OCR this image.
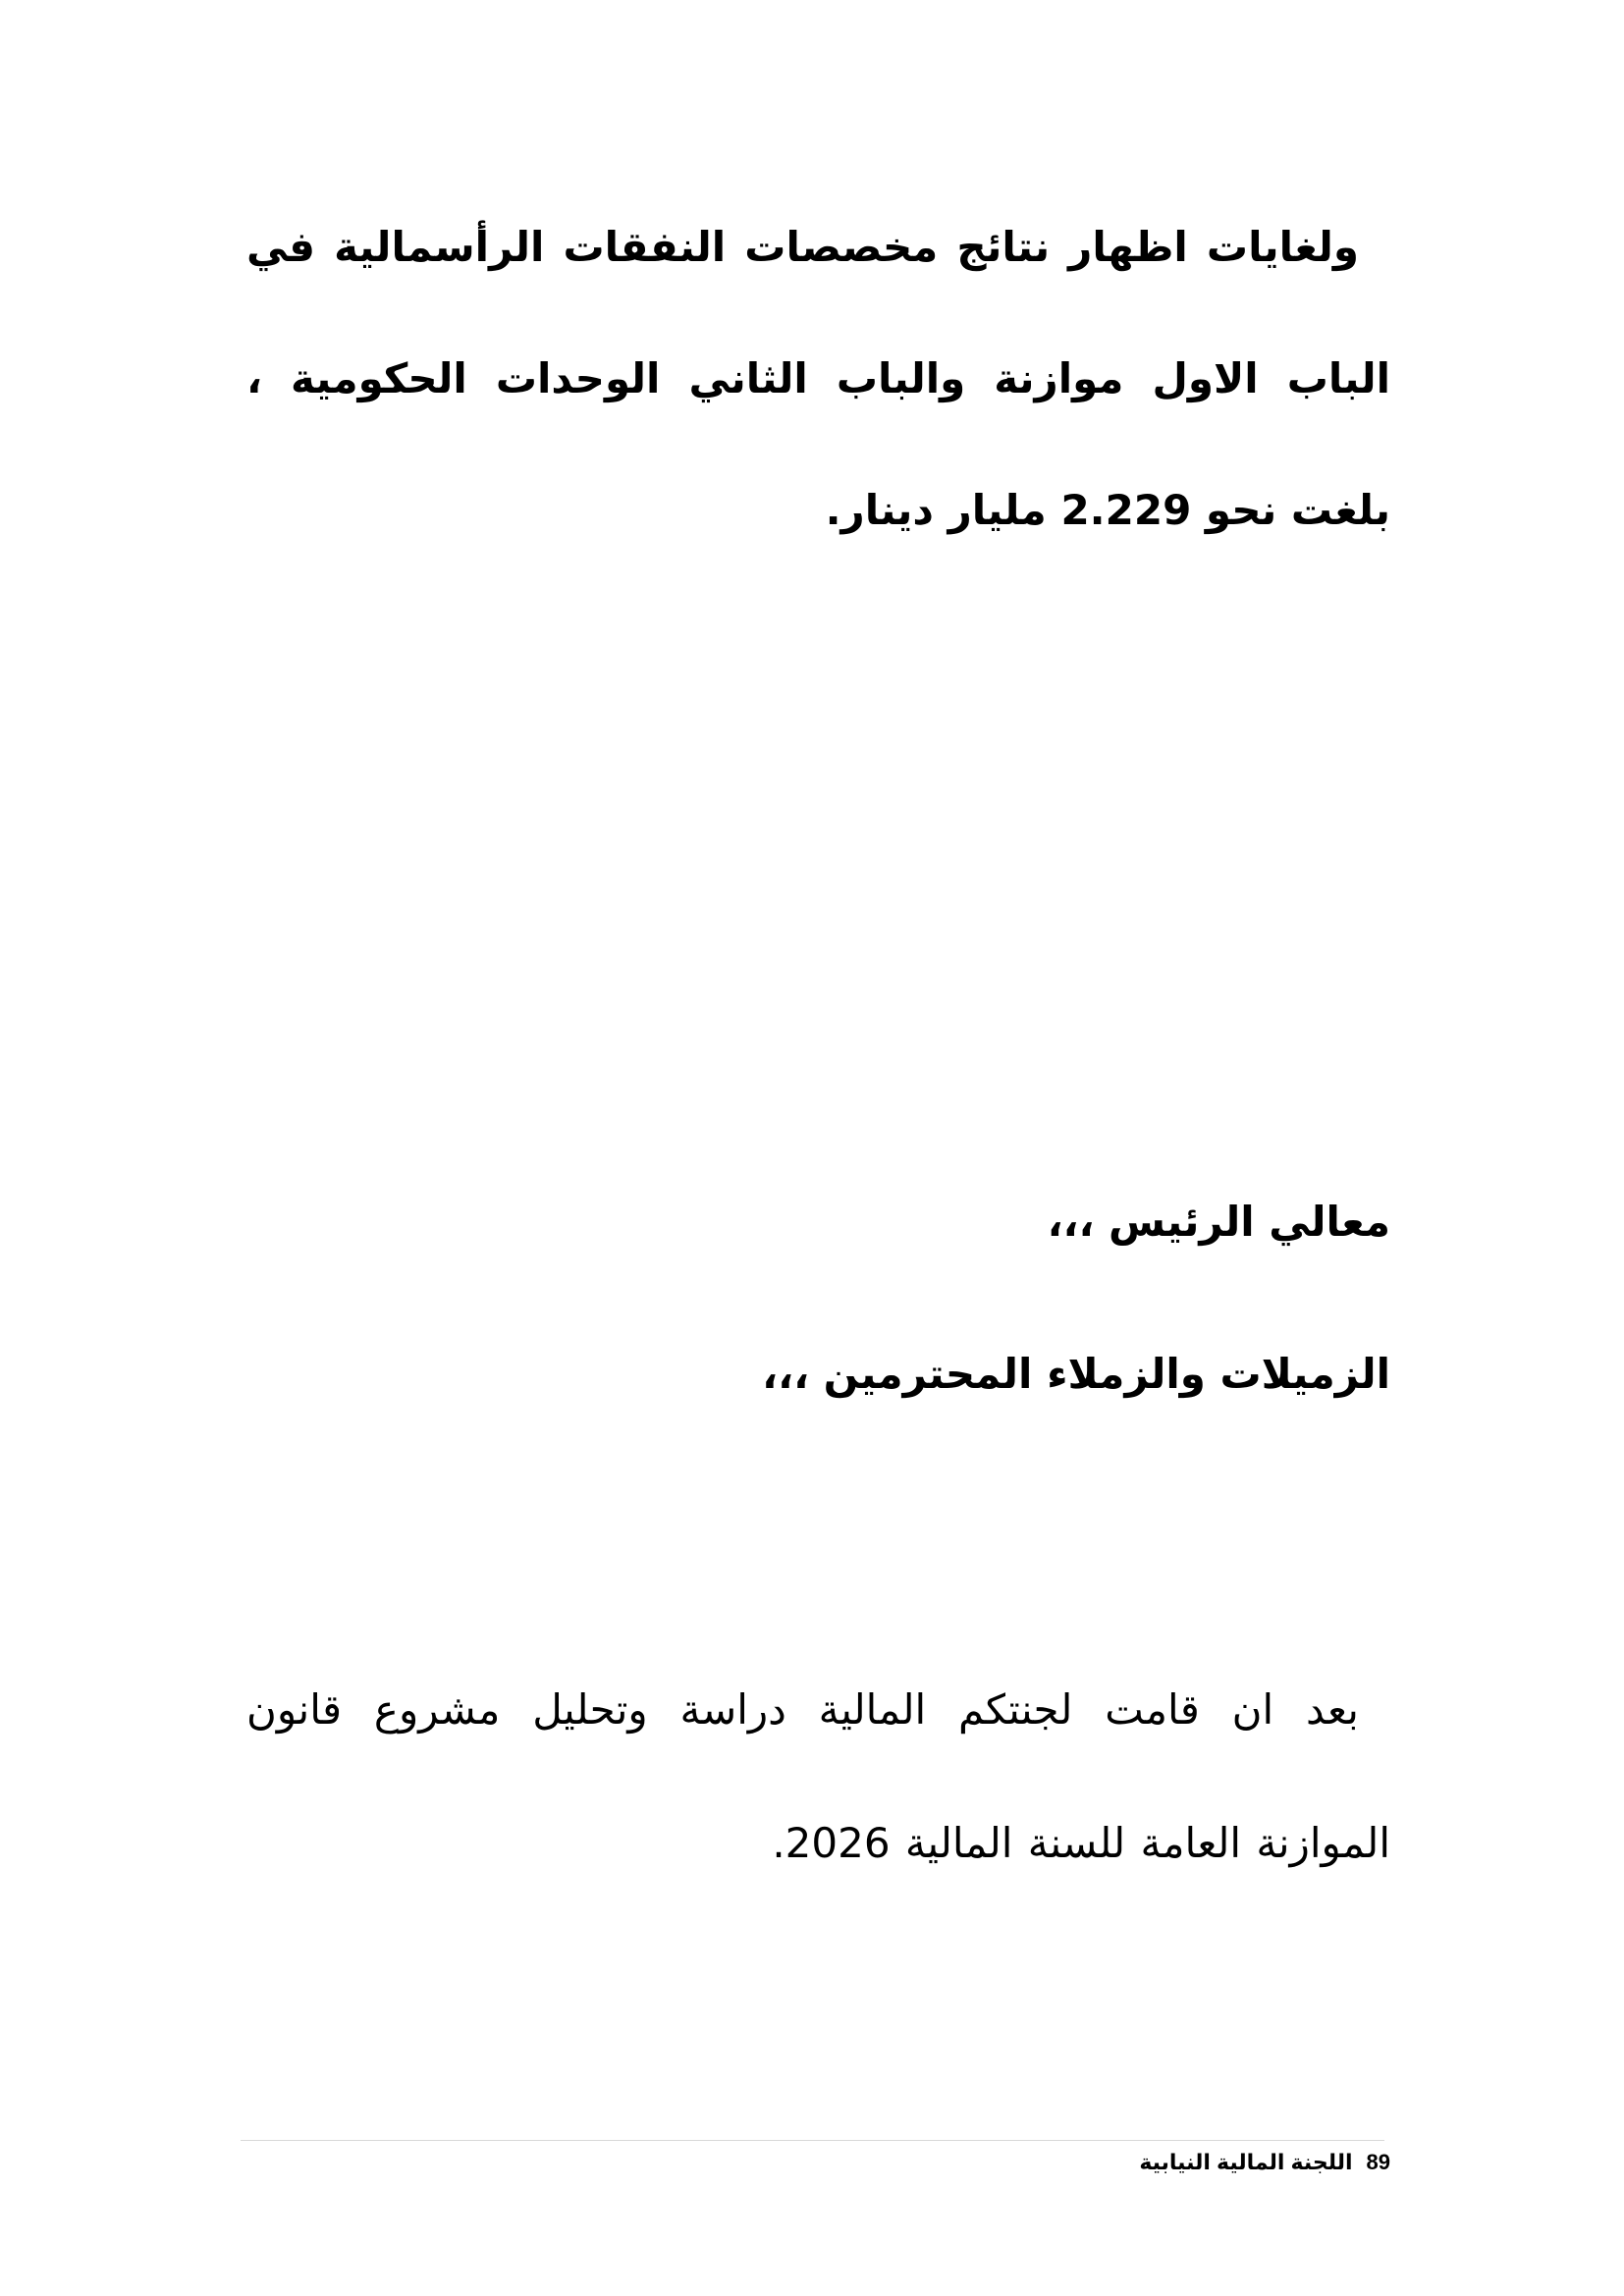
ولغايات اظهار نتائج مخصصات النفقات الرأسمالية في الباب الاول موازنة والباب الثاني الوحدات الحكومية ، بلغت نحو 2.229 مليار دينار.

معالي الرئيس ،،،
الزميلات والزملاء المحترمين ،،،

بعد ان قامت لجنتكم المالية دراسة وتحليل مشروع قانون الموازنة العامة للسنة المالية 2026.

89اللجنة المالية النيابية
